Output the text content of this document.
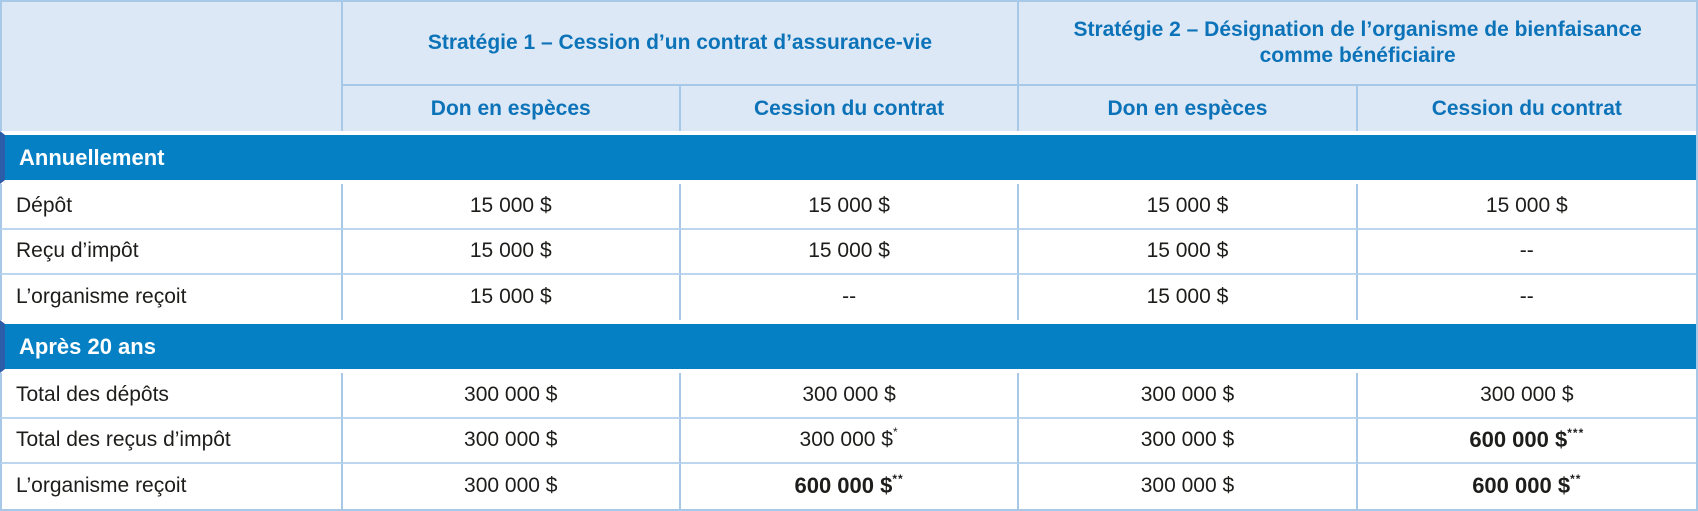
	Stratégie 1 – Cession d’un contrat d’assurance-vie		Stratégie 2 – Désignation de l’organisme de bienfaisance comme bénéficiaire	
	Don en espèces	Cession du contrat	Don en espèces	Cession du contrat
Annuellement				
Dépôt	15 000 $	15 000 $	15 000 $	15 000 $
Reçu d’impôt	15 000 $	15 000 $	15 000 $	--
L’organisme reçoit	15 000 $	--	15 000 $	--
Après 20 ans				
Total des dépôts	300 000 $	300 000 $	300 000 $	300 000 $
Total des reçus d’impôt	300 000 $	300 000 $*	300 000 $	600 000 $***
L’organisme reçoit	300 000 $	600 000 $**	300 000 $	600 000 $**
